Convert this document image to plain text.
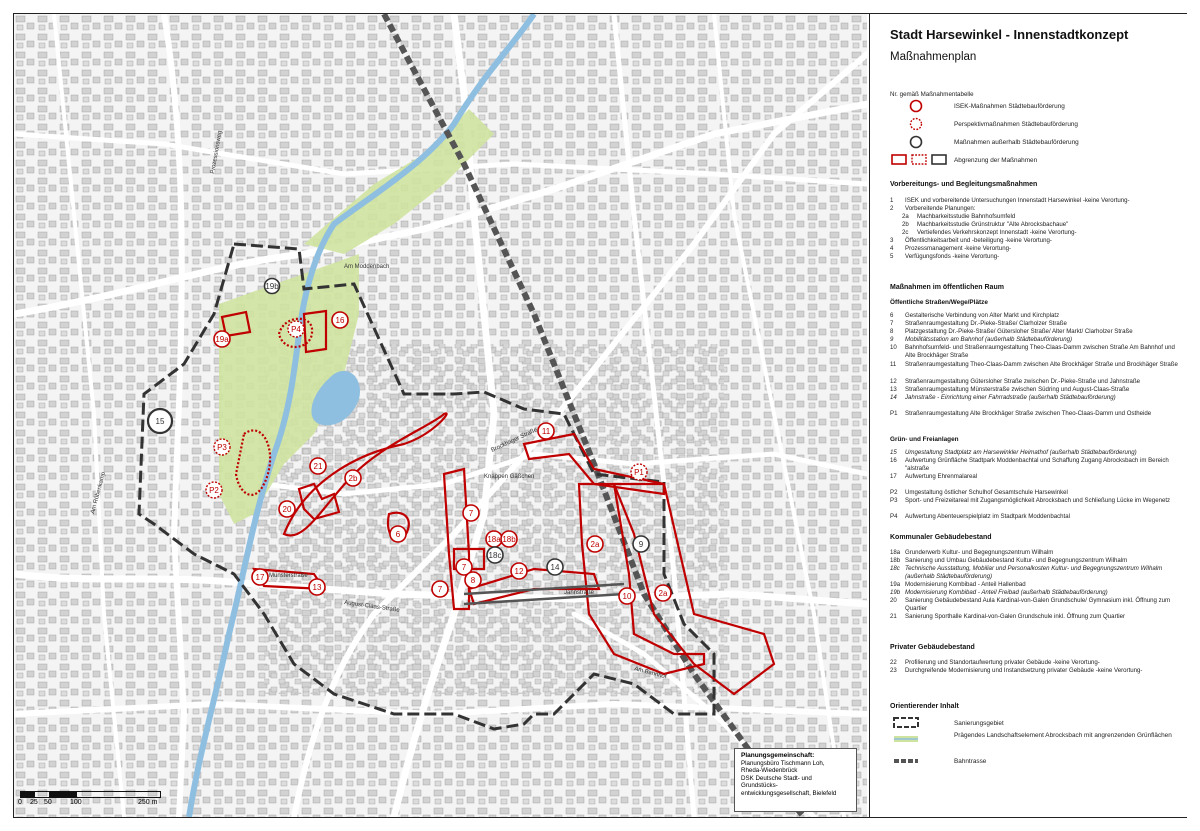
19b
16
P4
19a
15
P3
P2
21
2b
20
17
13
6
7
18a 18b
18c
7
8
7
12	14
11
P1
2a	9
10	2a
Am Moddenbach
Brockhäger Straße
Münsterstraße
August-Claas-Straße
Am Bahnhof
Jahnstraße
Knappen Gäßchen
Prozessionsweg
Am Rübenkamp
Planungsgemeinschaft:
Planungsbüro Tischmann Loh,
Rheda-Wiedenbrück
DSK Deutsche Stadt- und Grundstücks-
entwicklungsgesellschaft, Bielefeld
0 25 50	100	250 m
Stadt Harsewinkel - Innenstadtkonzept
Maßnahmenplan
Nr. gemäß Maßnahmentabelle
ISEK-Maßnahmen Städtebauförderung
Perspektivmaßnahmen Städtebauförderung
Maßnahmen außerhalb Städtebauförderung
Abgrenzung der Maßnahmen
Vorbereitungs- und Begleitungsmaßnahmen
1 ISEK und vorbereitende Untersuchungen Innenstadt Harsewinkel -keine Verortung-
2 Vorbereitende Planungen:
2a Machbarkeitsstudie Bahnhofsumfeld
2b Machbarkeitsstudie Grünstruktur "Alte Abrocksbachaue"
2c Vertiefendes Verkehrskonzept Innenstadt -keine Verortung-
3 Öffentlichkeitsarbeit und -beteiligung -keine Verortung-
4 Prozessmanagement -keine Verortung-
5 Verfügungsfonds -keine Verortung-
Maßnahmen im öffentlichen Raum
Öffentliche Straßen/Wege/Plätze
6 Gestalterische Verbindung von Alter Markt und Kirchplatz
7 Straßenraumgestaltung Dr.-Pieke-Straße/ Clarholzer Straße
8 Platzgestaltung Dr.-Pieke-Straße/ Gütersloher Straße/ Alter Markt/ Clarholzer Straße
9 Mobilitätsstation am Bahnhof (außerhalb Städtebauförderung)
10 Bahnhofsumfeld- und Straßenraumgestaltung Theo-Claas-Damm zwischen Straße Am Bahnhof und Alte Brockhäger Straße
11 Straßenraumgestaltung Theo-Claas-Damm zwischen Alte Brockhäger Straße und Brockhäger Straße
12 Straßenraumgestaltung Gütersloher Straße zwischen Dr.-Pieke-Straße und Jahnstraße
13 Straßenraumgestaltung Münsterstraße zwischen Südring und August-Claas-Straße
14 Jahnstraße - Einrichtung einer Fahrradstraße (außerhalb Städtebauförderung)
P1 Straßenraumgestaltung Alte Brockhäger Straße zwischen Theo-Claas-Damm und Ostheide
Grün- und Freianlagen
15 Umgestaltung Stadtplatz am Harsewinkler Heimathof (außerhalb Städtebauförderung)
16 Aufwertung Grünfläche Stadtpark Moddenbachtal und Schaffung Zugang Abrocksbach im Bereich "alstraße
17 Aufwertung Ehrenmalareal
P2 Umgestaltung östlicher Schulhof Gesamtschule Harsewinkel
P3 Sport- und Freizeitareal mit Zugangsmöglichkeit Abrocksbach und Schließung Lücke im Wegenetz
P4 Aufwertung Abenteuerspielplatz im Stadtpark Moddenbachtal
Kommunaler Gebäudebestand
18a Grunderwerb Kultur- und Begegnungszentrum Wilhalm
18b Sanierung und Umbau Gebäudebestand Kultur- und Begegnungszentrum Wilhalm
18c Technische Ausstattung, Mobiliar und Personalkosten Kultur- und Begegnungszentrum Wilhalm (außerhalb Städtebauförderung)
19a Modernisierung Kombibad - Anteil Hallenbad
19b Modernisierung Kombibad - Anteil Freibad (außerhalb Städtebauförderung)
20 Sanierung Gebäudebestand Aula Kardinal-von-Galen Grundschule/ Gymnasium inkl. Öffnung zum Quartier
21 Sanierung Sporthalle Kardinal-von-Galen Grundschule inkl. Öffnung zum Quartier
Privater Gebäudebestand
22 Profilierung und Standortaufwertung privater Gebäude -keine Verortung-
23 Durchgreifende Modernisierung und Instandsetzung privater Gebäude -keine Verortung-
Orientierender Inhalt
Sanierungsgebiet
Prägendes Landschaftselement Abrocksbach mit angrenzenden Grünflächen
Bahntrasse
